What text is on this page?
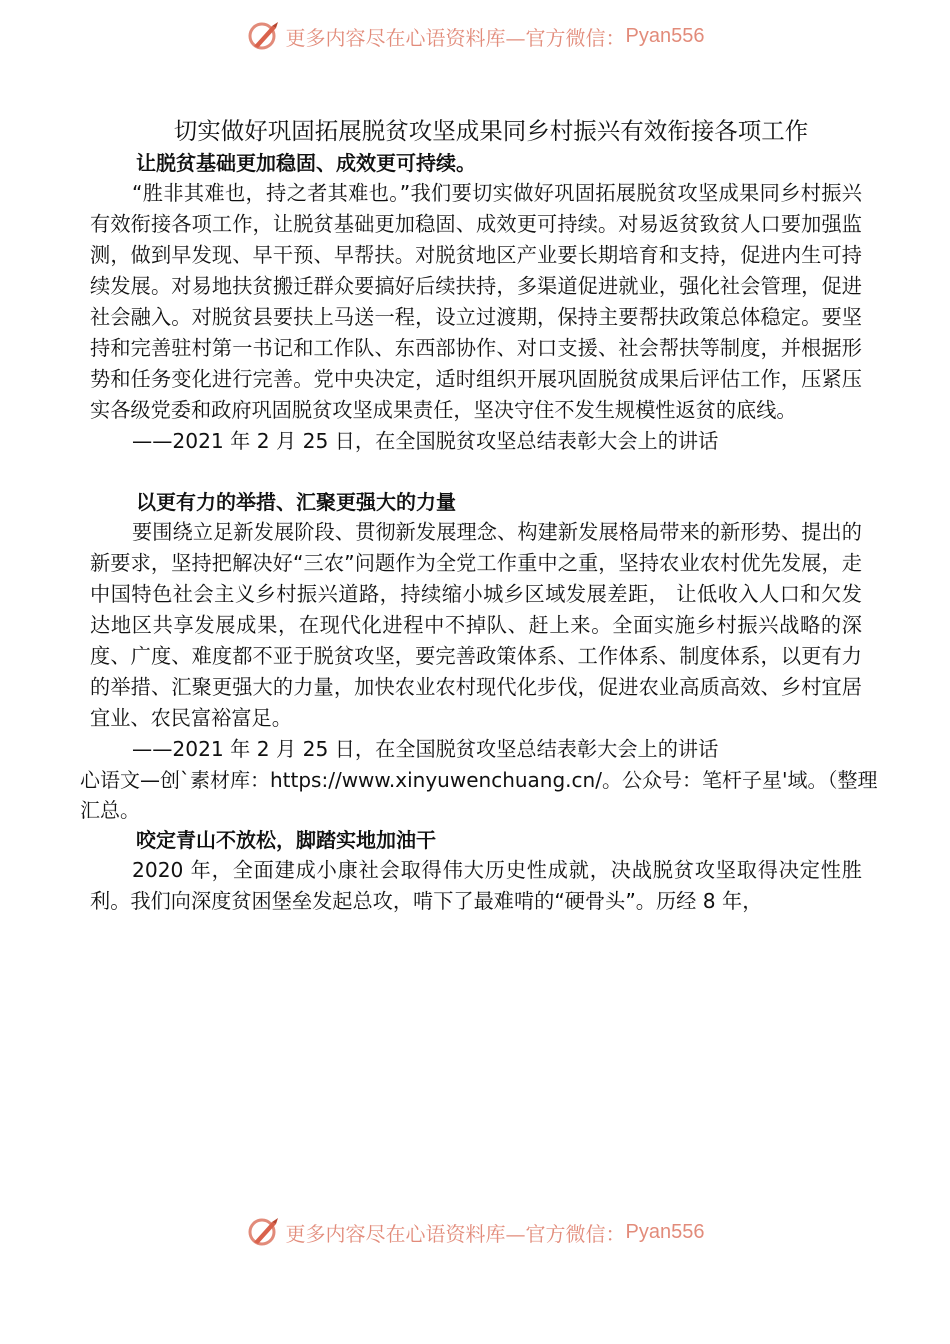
更多内容尽在心语资料库—官方微信： Pyan556
切实做好巩固拓展脱贫攻坚成果同乡村振兴有效衔接各项工作
让脱贫基础更加稳固、成效更可持续。

“胜非其难也，持之者其难也。”我们要切实做好巩固拓展脱贫攻坚成果同乡村振兴有效衔接各项工作，让脱贫基础更加稳固、成效更可持续。对易返贫致贫人口要加强监测，做到早发现、早干预、早帮扶。对脱贫地区产业要长期培育和支持，促进内生可持续发展。对易地扶贫搬迁群众要搞好后续扶持，多渠道促进就业，强化社会管理，促进社会融入。对脱贫县要扶上马送一程，设立过渡期，保持主要帮扶政策总体稳定。要坚持和完善驻村第一书记和工作队、东西部协作、对口支援、社会帮扶等制度，并根据形势和任务变化进行完善。党中央决定，适时组织开展巩固脱贫成果后评估工作，压紧压实各级党委和政府巩固脱贫攻坚成果责任，坚决守住不发生规模性返贫的底线。

——2021 年 2 月 25 日，在全国脱贫攻坚总结表彰大会上的讲话
以更有力的举措、汇聚更强大的力量

要围绕立足新发展阶段、贯彻新发展理念、构建新发展格局带来的新形势、提出的新要求，坚持把解决好“三农”问题作为全党工作重中之重，坚持农业农村优先发展，走中国特色社会主义乡村振兴道路，持续缩小城乡区域发展差距， 让低收入人口和欠发达地区共享发展成果，在现代化进程中不掉队、赶上来。全面实施乡村振兴战略的深度、广度、难度都不亚于脱贫攻坚，要完善政策体系、工作体系、制度体系，以更有力的举措、汇聚更强大的力量，加快农业农村现代化步伐，促进农业高质高效、乡村宜居宜业、农民富裕富足。

——2021 年 2 月 25 日，在全国脱贫攻坚总结表彰大会上的讲话
心语文—创`素材库：https://www.xinyuwenchuang.cn/。公众号：笔杆子星'域。（整理汇总。
咬定青山不放松，脚踏实地加油干

2020 年，全面建成小康社会取得伟大历史性成就，决战脱贫攻坚取得决定性胜利。我们向深度贫困堡垒发起总攻，啃下了最难啃的“硬骨头”。历经 8 年，

更多内容尽在心语资料库—官方微信： Pyan556
